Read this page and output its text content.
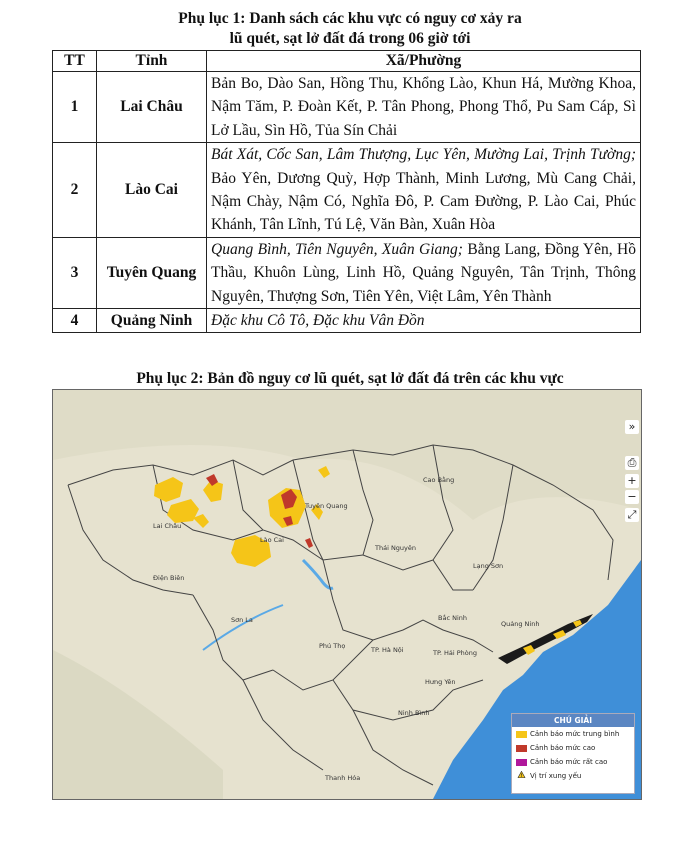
Phụ lục 1: Danh sách các khu vực có nguy cơ xảy ra
lũ quét, sạt lở đất đá trong 06 giờ tới
TT	Tỉnh	Xã/Phường
1	Lai Châu	Bản Bo, Dào San, Hồng Thu, Khổng Lào, Khun Há, Mường Khoa, Nậm Tăm, P. Đoàn Kết, P. Tân Phong, Phong Thổ, Pu Sam Cáp, Sì Lở Lầu, Sìn Hồ, Tủa Sín Chải
2	Lào Cai	Bát Xát, Cốc San, Lâm Thượng, Lục Yên, Mường Lai, Trịnh Tường; Bảo Yên, Dương Quỳ, Hợp Thành, Minh Lương, Mù Cang Chải, Nậm Chày, Nậm Có, Nghĩa Đô, P. Cam Đường, P. Lào Cai, Phúc Khánh, Tân Lĩnh, Tú Lệ, Văn Bàn, Xuân Hòa
3	Tuyên Quang	Quang Bình, Tiên Nguyên, Xuân Giang; Bằng Lang, Đồng Yên, Hồ Thầu, Khuôn Lùng, Linh Hồ, Quảng Nguyên, Tân Trịnh, Thông Nguyên, Thượng Sơn, Tiên Yên, Việt Lâm, Yên Thành
4	Quảng Ninh	Đặc khu Cô Tô, Đặc khu Vân Đồn
Phụ lục 2: Bản đồ nguy cơ lũ quét, sạt lở đất đá trên các khu vực
Lai Châu
Điện Biên
Sơn La
Lào Cai
Tuyên Quang
Cao Bằng
Lạng Sơn
Thái Nguyên
Bắc Ninh
Phú Thọ	TP. Hà Nội
Hưng Yên
TP. Hải Phòng
Quảng Ninh
Ninh Bình
Thanh Hóa
»
⎙
+
−
⤢
CHÚ GIẢI
Cảnh báo mức trung bình
Cảnh báo mức cao
Cảnh báo mức rất cao
Vị trí xung yếu
